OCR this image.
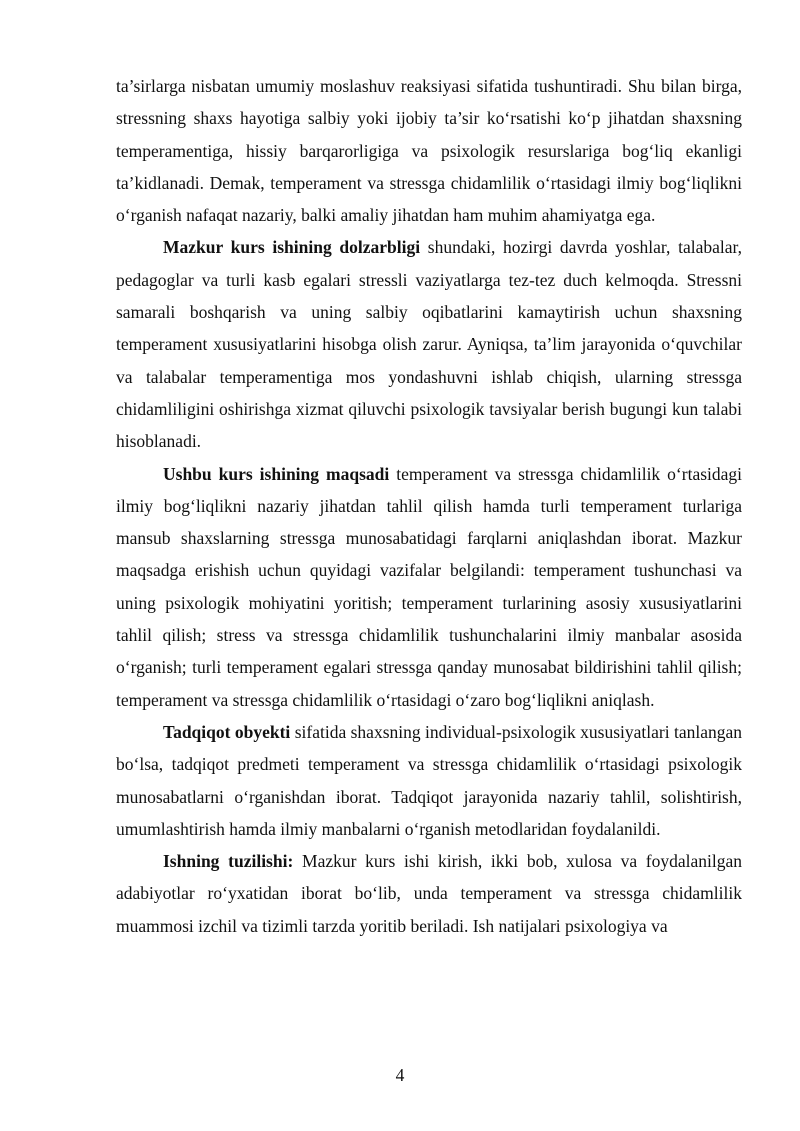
ta’sirlarga nisbatan umumiy moslashuv reaksiyasi sifatida tushuntiradi. Shu bilan birga, stressning shaxs hayotiga salbiy yoki ijobiy ta’sir ko‘rsatishi ko‘p jihatdan shaxsning temperamentiga, hissiy barqarorligiga va psixologik resurslariga bog‘liq ekanligi ta’kidlanadi. Demak, temperament va stressga chidamlilik o‘rtasidagi ilmiy bog‘liqlikni o‘rganish nafaqat nazariy, balki amaliy jihatdan ham muhim ahamiyatga ega.

Mazkur kurs ishining dolzarbligi shundaki, hozirgi davrda yoshlar, talabalar, pedagoglar va turli kasb egalari stressli vaziyatlarga tez-tez duch kelmoqda. Stressni samarali boshqarish va uning salbiy oqibatlarini kamaytirish uchun shaxsning temperament xususiyatlarini hisobga olish zarur. Ayniqsa, ta’lim jarayonida o‘quvchilar va talabalar temperamentiga mos yondashuvni ishlab chiqish, ularning stressga chidamliligini oshirishga xizmat qiluvchi psixologik tavsiyalar berish bugungi kun talabi hisoblanadi.

Ushbu kurs ishining maqsadi temperament va stressga chidamlilik o‘rtasidagi ilmiy bog‘liqlikni nazariy jihatdan tahlil qilish hamda turli temperament turlariga mansub shaxslarning stressga munosabatidagi farqlarni aniqlashdan iborat. Mazkur maqsadga erishish uchun quyidagi vazifalar belgilandi: temperament tushunchasi va uning psixologik mohiyatini yoritish; temperament turlarining asosiy xususiyatlarini tahlil qilish; stress va stressga chidamlilik tushunchalarini ilmiy manbalar asosida o‘rganish; turli temperament egalari stressga qanday munosabat bildirishini tahlil qilish; temperament va stressga chidamlilik o‘rtasidagi o‘zaro bog‘liqlikni aniqlash.

Tadqiqot obyekti sifatida shaxsning individual-psixologik xususiyatlari tanlangan bo‘lsa, tadqiqot predmeti temperament va stressga chidamlilik o‘rtasidagi psixologik munosabatlarni o‘rganishdan iborat. Tadqiqot jarayonida nazariy tahlil, solishtirish, umumlashtirish hamda ilmiy manbalarni o‘rganish metodlaridan foydalanildi.

Ishning tuzilishi: Mazkur kurs ishi kirish, ikki bob, xulosa va foydalanilgan adabiyotlar ro‘yxatidan iborat bo‘lib, unda temperament va stressga chidamlilik muammosi izchil va tizimli tarzda yoritib beriladi. Ish natijalari psixologiya va

4
